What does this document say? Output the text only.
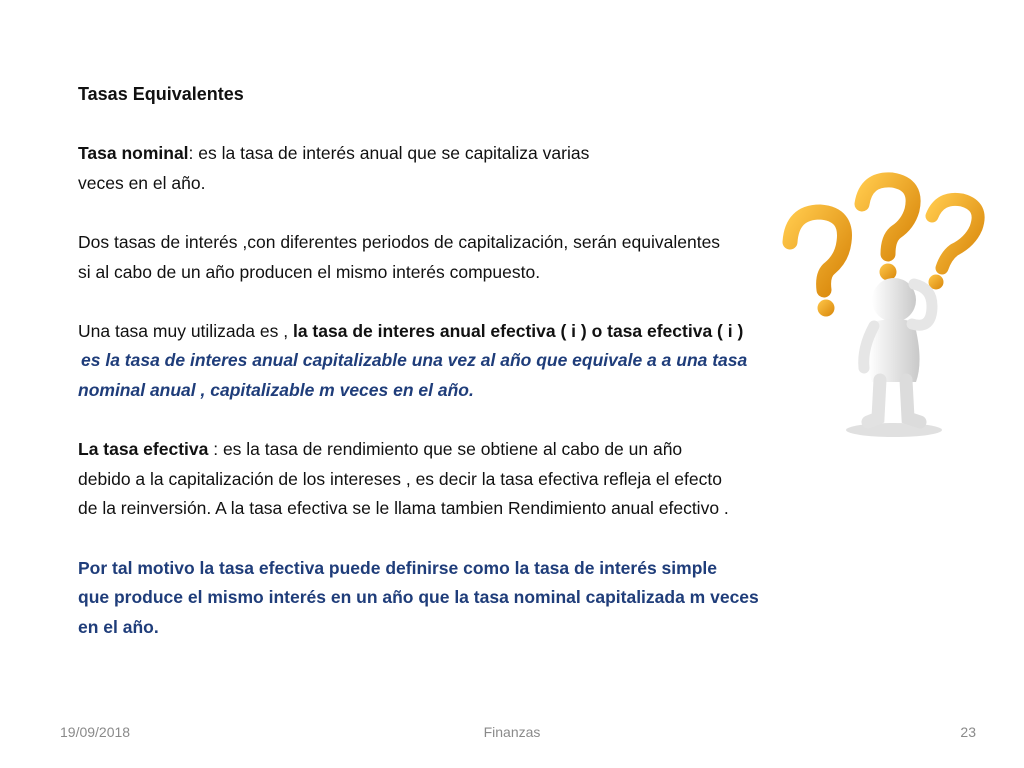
Tasas Equivalentes
Tasa nominal: es la tasa de interés anual que se capitaliza varias
veces en el año.
Dos tasas de interés ,con diferentes periodos de capitalización, serán equivalentes
si al cabo de un año producen el mismo interés compuesto.
Una tasa muy utilizada es , la tasa de interes anual efectiva ( i ) o tasa efectiva ( i )
es la tasa de interes anual capitalizable una vez al año que equivale a a una tasa
nominal anual , capitalizable m veces en el año.
La tasa efectiva : es la tasa de rendimiento que se obtiene al cabo de un año
debido a la capitalización de los intereses , es decir la tasa efectiva refleja el efecto
de la reinversión. A la tasa efectiva se le llama tambien Rendimiento anual efectivo .
Por tal motivo la tasa efectiva puede definirse como la tasa de interés simple
que produce el mismo interés en un año que la tasa nominal capitalizada m veces
en el año.
19/09/2018	Finanzas	23
